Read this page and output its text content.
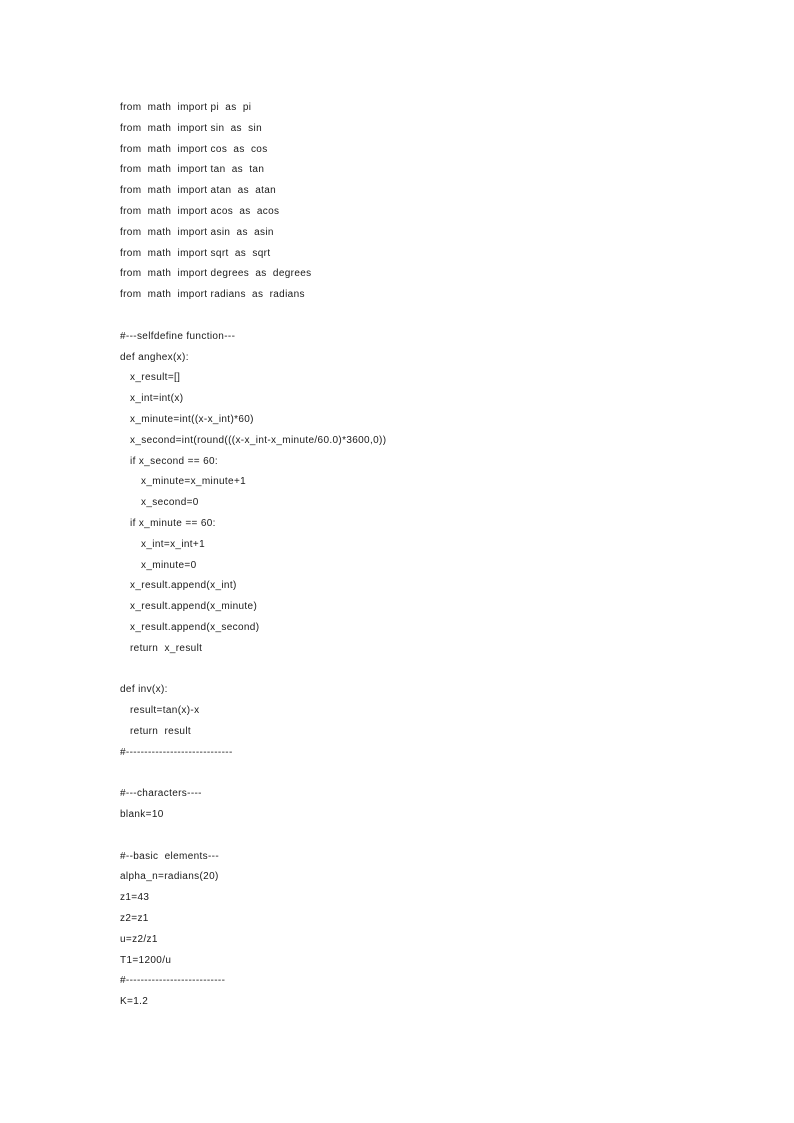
from  math  import pi  as  pi
from  math  import sin  as  sin
from  math  import cos  as  cos
from  math  import tan  as  tan
from  math  import atan  as  atan
from  math  import acos  as  acos
from  math  import asin  as  asin
from  math  import sqrt  as  sqrt
from  math  import degrees  as  degrees
from  math  import radians  as  radians
#---selfdefine function---
def anghex(x):
x_result=[]
x_int=int(x)
x_minute=int((x-x_int)*60)
x_second=int(round(((x-x_int-x_minute/60.0)*3600,0))
if x_second == 60:
x_minute=x_minute+1
x_second=0
if x_minute == 60:
x_int=x_int+1
x_minute=0
x_result.append(x_int)
x_result.append(x_minute)
x_result.append(x_second)
return  x_result
def inv(x):
result=tan(x)-x
return  result
#-----------------------------
#---characters----
blank=10
#--basic  elements---
alpha_n=radians(20)
z1=43
z2=z1
u=z2/z1
T1=1200/u
#---------------------------
K=1.2
